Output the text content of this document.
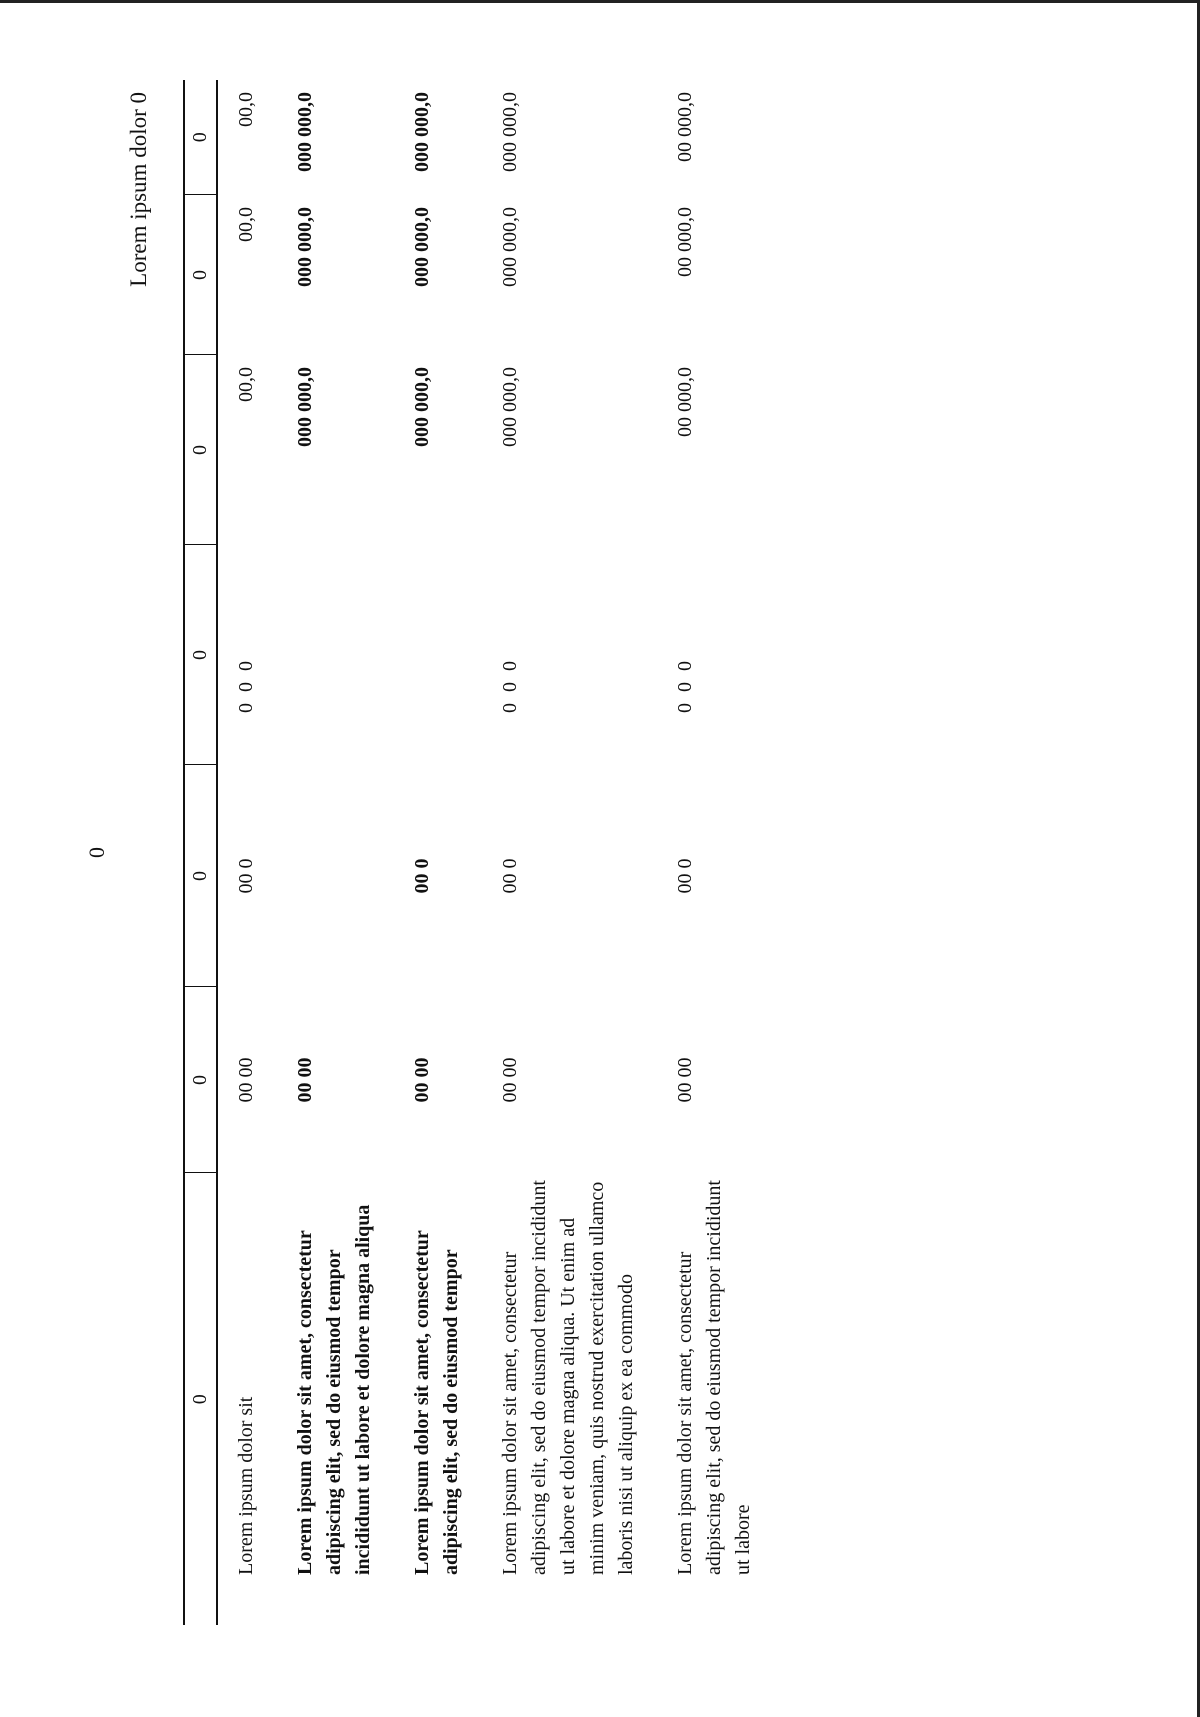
0
Lorem ipsum dolor 0
0	0	0	0	0	0	0
Lorem ipsum dolor sit	00 00	00 0	0 0 0	00,0	00,0	00,0
Lorem ipsum dolor sit amet, consectetur adipiscing elit, sed do eiusmod tempor incididunt ut labore et dolore magna aliqua	00 00			000 000,0	000 000,0	000 000,0
Lorem ipsum dolor sit amet, consectetur adipiscing elit, sed do eiusmod tempor	00 00	00 0		000 000,0	000 000,0	000 000,0
Lorem ipsum dolor sit amet, consectetur adipiscing elit, sed do eiusmod tempor incididunt ut labore et dolore magna aliqua. Ut enim ad minim veniam, quis nostrud exercitation ullamco laboris nisi ut aliquip ex ea commodo	00 00	00 0	0 0 0	000 000,0	000 000,0	000 000,0
Lorem ipsum dolor sit amet, consectetur adipiscing elit, sed do eiusmod tempor incididunt ut labore	00 00	00 0	0 0 0	00 000,0	00 000,0	00 000,0
